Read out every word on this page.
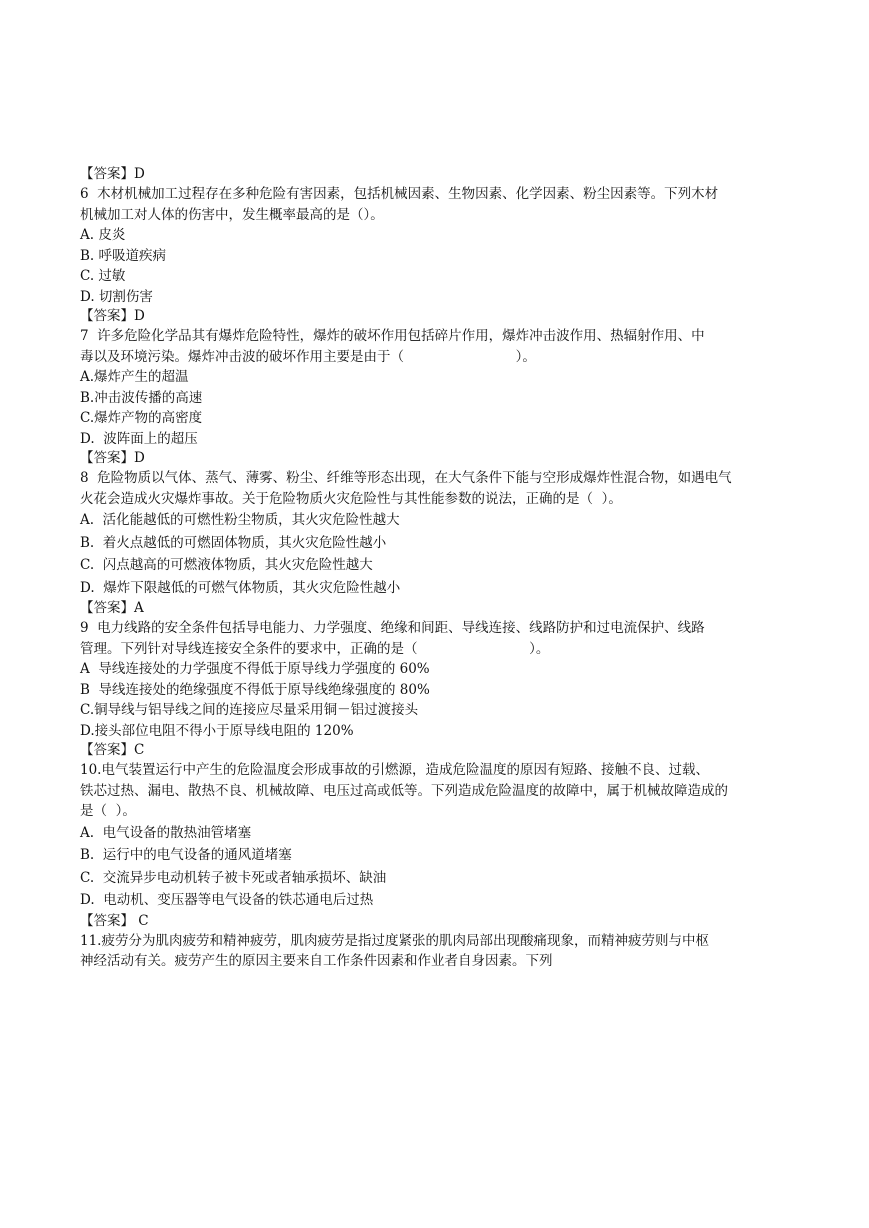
【答案】D

6  木材机械加工过程存在多种危险有害因素，包括机械因素、生物因素、化学因素、粉尘因素等。下列木材

机械加工对人体的伤害中，发生概率最高的是（）。

A. 皮炎

B. 呼吸道疾病

C. 过敏

D. 切割伤害

【答案】D

7  许多危险化学品其有爆炸危险特性，爆炸的破坏作用包括碎片作用，爆炸冲击波作用、热辐射作用、中

毒以及环境污染。爆炸冲击波的破坏作用主要是由于（                          ）。

A.爆炸产生的超温

B.冲击波传播的高速

C.爆炸产物的高密度

D.  波阵面上的超压

【答案】D

8  危险物质以气体、蒸气、薄雾、粉尘、纤维等形态出现，在大气条件下能与空形成爆炸性混合物，如遇电气

火花会造成火灾爆炸事故。关于危险物质火灾危险性与其性能参数的说法，正确的是（  ）。

A.  活化能越低的可燃性粉尘物质，其火灾危险性越大

B.  着火点越低的可燃固体物质，其火灾危险性越小

C.  闪点越高的可燃液体物质，其火灾危险性越大

D.  爆炸下限越低的可燃气体物质，其火灾危险性越小

【答案】A

9  电力线路的安全条件包括导电能力、力学强度、绝缘和间距、导线连接、线路防护和过电流保护、线路

管理。下列针对导线连接安全条件的要求中，正确的是（                          ）。

A  导线连接处的力学强度不得低于原导线力学强度的 60%

B  导线连接处的绝缘强度不得低于原导线绝缘强度的 80%

C.铜导线与铝导线之间的连接应尽量采用铜－铝过渡接头

D.接头部位电阻不得小于原导线电阻的 120%

【答案】C

10.电气装置运行中产生的危险温度会形成事故的引燃源，造成危险温度的原因有短路、接触不良、过载、

铁芯过热、漏电、散热不良、机械故障、电压过高或低等。下列造成危险温度的故障中，属于机械故障造成的

是（  ）。

A.  电气设备的散热油管堵塞

B.  运行中的电气设备的通风道堵塞

C.  交流异步电动机转子被卡死或者轴承损坏、缺油

D.  电动机、变压器等电气设备的铁芯通电后过热

【答案】 C

11.疲劳分为肌肉疲劳和精神疲劳，肌肉疲劳是指过度紧张的肌肉局部出现酸痛现象，而精神疲劳则与中枢

神经活动有关。疲劳产生的原因主要来自工作条件因素和作业者自身因素。下列
